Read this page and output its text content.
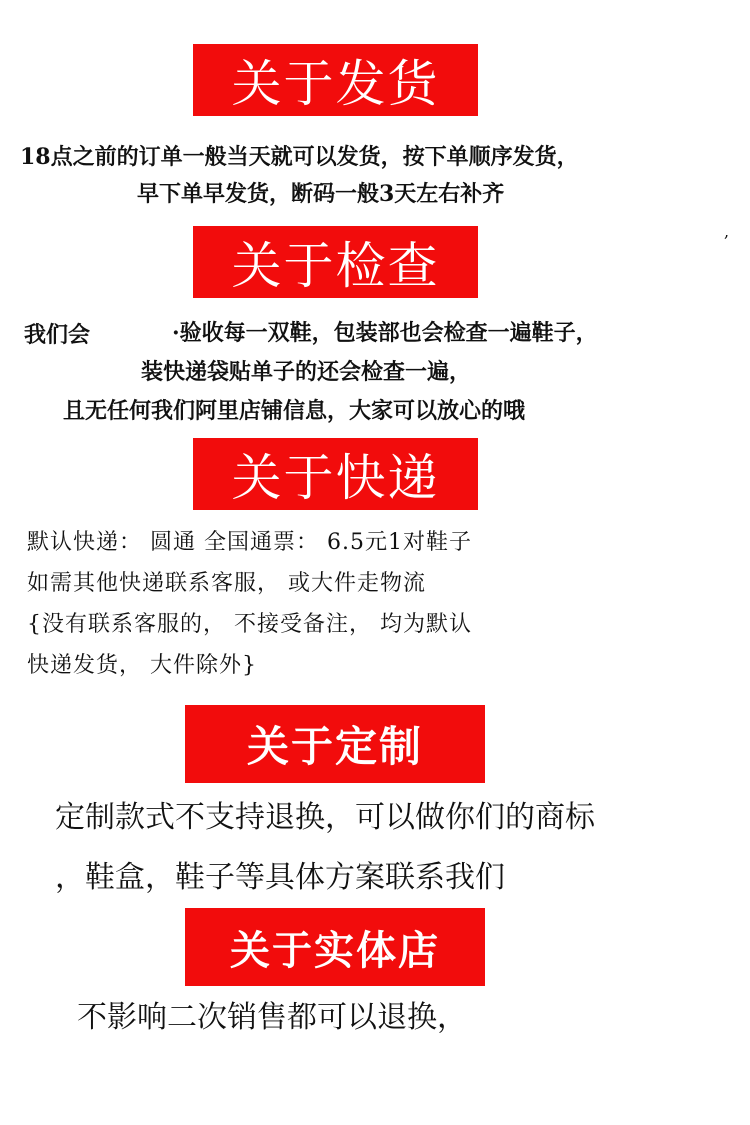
关于发货
18点之前的订单一般当天就可以发货，按下单顺序发货，
早下单早发货，断码一般3天左右补齐
,
关于检查
我们会	·验收每一双鞋，包装部也会检查一遍鞋子，
装快递袋贴单子的还会检查一遍，
且无任何我们阿里店铺信息，大家可以放心的哦
关于快递
默认快递： 圆通 全国通票： 6.5元1对鞋子
如需其他快递联系客服， 或大件走物流
{没有联系客服的， 不接受备注， 均为默认
快递发货， 大件除外}
关于定制
定制款式不支持退换，可以做你们的商标
，鞋盒，鞋子等具体方案联系我们
关于实体店
不影响二次销售都可以退换，
